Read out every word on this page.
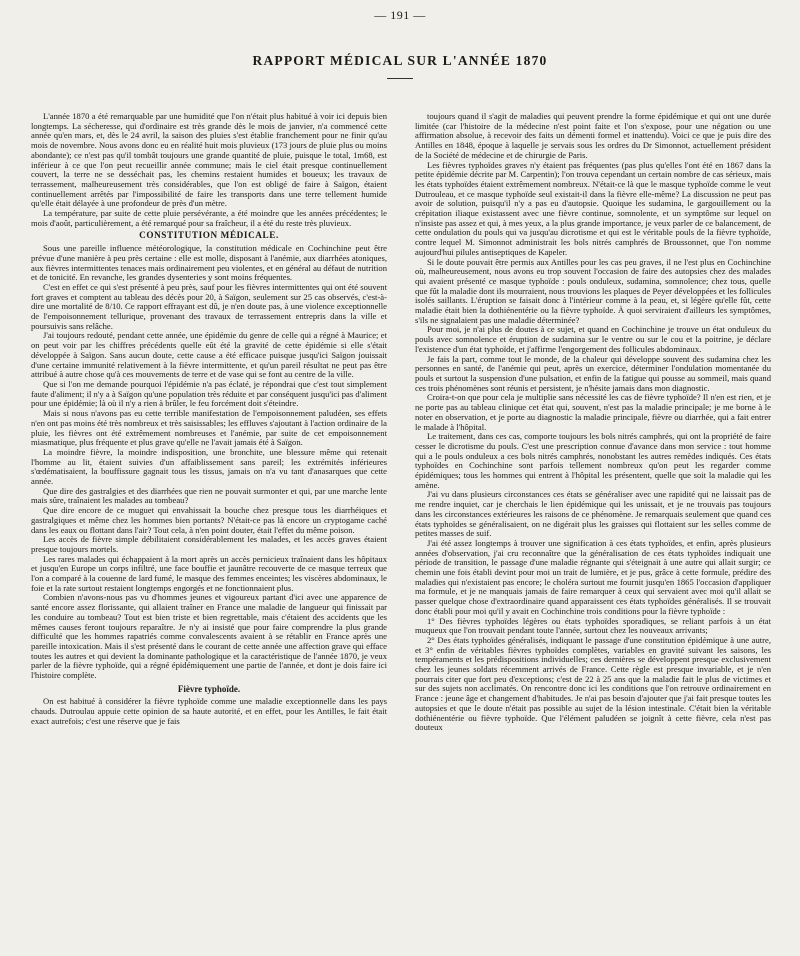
— 191 —
RAPPORT MÉDICAL SUR L'ANNÉE 1870

L'année 1870 a été remarquable par une humidité que l'on n'était plus habitué à voir ici depuis bien longtemps. La sécheresse, qui d'ordinaire est très grande dès le mois de janvier, n'a commencé cette année qu'en mars, et, dès le 24 avril, la saison des pluies s'est établie franchement pour ne finir qu'au mois de novembre. Nous avons donc eu en réalité huit mois pluvieux (173 jours de pluie plus ou moins abondante); ce n'est pas qu'il tombât toujours une grande quantité de pluie, puisque le total, 1m68, est inférieur à ce que l'on peut recueillir année commune; mais le ciel était presque continuellement couvert, la terre ne se desséchait pas, les chemins restaient humides et boueux; les travaux de terrassement, malheureusement très considérables, que l'on est obligé de faire à Saïgon, étaient continuellement arrêtés par l'impossibilité de faire les transports dans une terre tellement humide qu'elle était délayée à une profondeur de près d'un mètre.

La température, par suite de cette pluie persévérante, a été moindre que les années précédentes; le mois d'août, particulièrement, a été remarqué pour sa fraîcheur, il a été du reste très pluvieux.

CONSTITUTION MÉDICALE.

Sous une pareille influence météorologique, la constitution médicale en Cochinchine peut être prévue d'une manière à peu près certaine : elle est molle, disposant à l'anémie, aux diarrhées atoniques, aux fièvres intermittentes tenaces mais ordinairement peu violentes, et en général au défaut de nutrition et de tonicité. En revanche, les grandes dysenteries y sont moins fréquentes.

C'est en effet ce qui s'est présenté à peu près, sauf pour les fièvres intermittentes qui ont été souvent fort graves et comptent au tableau des décès pour 20, à Saïgon, seulement sur 25 cas observés, c'est-à-dire une mortalité de 8/10. Ce rapport effrayant est dû, je n'en doute pas, à une violence exceptionnelle de l'empoisonnement tellurique, provenant des travaux de terrassement entrepris dans la ville et poursuivis sans relâche.

J'ai toujours redouté, pendant cette année, une épidémie du genre de celle qui a régné à Maurice; et on peut voir par les chiffres précédents quelle eût été la gravité de cette épidémie si elle s'était développée à Saïgon. Sans aucun doute, cette cause a été efficace puisque jusqu'ici Saïgon jouissait d'une certaine immunité relativement à la fièvre intermittente, et qu'un pareil résultat ne peut pas être attribué à autre chose qu'à ces mouvements de terre et de vase qui se font au centre de la ville.

Que si l'on me demande pourquoi l'épidémie n'a pas éclaté, je répondrai que c'est tout simplement faute d'aliment; il n'y a à Saïgon qu'une population très réduite et par conséquent jusqu'ici pas d'aliment pour une épidémie; là où il n'y a rien à brûler, le feu forcément doit s'éteindre.

Mais si nous n'avons pas eu cette terrible manifestation de l'empoisonnement paludéen, ses effets n'en ont pas moins été très nombreux et très saisissables; les effluves s'ajoutant à l'action ordinaire de la pluie, les fièvres ont été extrêmement nombreuses et l'anémie, par suite de cet empoisonnement miasmatique, plus fréquente et plus grave qu'elle ne l'avait jamais été à Saïgon.

La moindre fièvre, la moindre indisposition, une bronchite, une blessure même qui retenait l'homme au lit, étaient suivies d'un affaiblissement sans pareil; les extrémités inférieures s'œdématisaient, la bouffissure gagnait tous les tissus, jamais on n'a vu tant d'anasarques que cette année.

Que dire des gastralgies et des diarrhées que rien ne pouvait surmonter et qui, par une marche lente mais sûre, traînaient les malades au tombeau?

Que dire encore de ce muguet qui envahissait la bouche chez presque tous les diarrhéiques et gastralgiques et même chez les hommes bien portants? N'était-ce pas là encore un cryptogame caché dans les eaux ou flottant dans l'air? Tout cela, à n'en point douter, était l'effet du même poison.

Les accès de fièvre simple débilitaient considérablement les malades, et les accès graves étaient presque toujours mortels.

Les rares malades qui échappaient à la mort après un accès pernicieux traînaient dans les hôpitaux et jusqu'en Europe un corps infiltré, une face bouffie et jaunâtre recouverte de ce masque terreux que l'on a comparé à la couenne de lard fumé, le masque des femmes enceintes; les viscères abdominaux, le foie et la rate surtout restaient longtemps engorgés et ne fonctionnaient plus.

Combien n'avons-nous pas vu d'hommes jeunes et vigoureux partant d'ici avec une apparence de santé encore assez florissante, qui allaient traîner en France une maladie de langueur qui finissait par les conduire au tombeau? Tout est bien triste et bien regrettable, mais c'étaient des accidents que les mêmes causes feront toujours reparaître. Je n'y ai insisté que pour faire comprendre la plus grande difficulté que les hommes rapatriés comme convalescents avaient à se rétablir en France après une pareille intoxication. Mais il s'est présenté dans le courant de cette année une affection grave qui efface toutes les autres et qui devient la dominante pathologique et la caractéristique de l'année 1870, je veux parler de la fièvre typhoïde, qui a régné épidémiquement une partie de l'année, et dont je dois faire ici l'histoire complète.

Fièvre typhoïde.

On est habitué à considérer la fièvre typhoïde comme une maladie exceptionnelle dans les pays chauds. Dutroulau appuie cette opinion de sa haute autorité, et en effet, pour les Antilles, le fait était exact autrefois; c'est une réserve que je fais

toujours quand il s'agit de maladies qui peuvent prendre la forme épidémique et qui ont une durée limitée (car l'histoire de la médecine n'est point faite et l'on s'expose, pour une négation ou une affirmation absolue, à recevoir des faits un démenti formel et inattendu). Voici ce que je puis dire des Antilles en 1848, époque à laquelle je servais sous les ordres du Dr Simonnot, actuellement président de la Société de médecine et de chirurgie de Paris.

Les fièvres typhoïdes graves n'y étaient pas fréquentes (pas plus qu'elles l'ont été en 1867 dans la petite épidémie décrite par M. Carpentin); l'on trouva cependant un certain nombre de cas sérieux, mais les états typhoïdes étaient extrêmement nombreux. N'était-ce là que le masque typhoïde comme le veut Dutrouleau, et ce masque typhoïde seul existait-il dans la fièvre elle-même? La discussion ne peut pas avoir de solution, puisqu'il n'y a pas eu d'autopsie. Quoique les sudamina, le gargouillement ou la crépitation iliaque existassent avec une fièvre continue, somnolente, et un symptôme sur lequel on n'insiste pas assez et qui, à mes yeux, a la plus grande importance, je veux parler de ce balancement, de cette ondulation du pouls qui va jusqu'au dicrotisme et qui est le véritable pouls de la fièvre typhoïde, contre lequel M. Simonnot administrait les bols nitrés camphrés de Broussonnet, que l'on nomme aujourd'hui pilules antiseptiques de Kapeler.

Si le doute pouvait être permis aux Antilles pour les cas peu graves, il ne l'est plus en Cochinchine où, malheureusement, nous avons eu trop souvent l'occasion de faire des autopsies chez des malades qui avaient présenté ce masque typhoïde : pouls onduleux, sudamina, somnolence; chez tous, quelle que fût la maladie dont ils mourraient, nous trouvions les plaques de Peyer développées et les follicules isolés saillants. L'éruption se faisait donc à l'intérieur comme à la peau, et, si légère qu'elle fût, cette maladie était bien la dothiénentérie ou la fièvre typhoïde. À quoi serviraient d'ailleurs les symptômes, s'ils ne signalaient pas une maladie déterminée?

Pour moi, je n'ai plus de doutes à ce sujet, et quand en Cochinchine je trouve un état onduleux du pouls avec somnolence et éruption de sudamina sur le ventre ou sur le cou et la poitrine, je déclare l'existence d'un état typhoïde, et j'affirme l'engorgement des follicules abdominaux.

Je fais la part, comme tout le monde, de la chaleur qui développe souvent des sudamina chez les personnes en santé, de l'anémie qui peut, après un exercice, déterminer l'ondulation momentanée du pouls et surtout la suspension d'une pulsation, et enfin de la fatigue qui pousse au sommeil, mais quand ces trois phénomènes sont réunis et persistent, je n'hésite jamais dans mon diagnostic.

Croira-t-on que pour cela je multiplie sans nécessité les cas de fièvre typhoïde? Il n'en est rien, et je ne porte pas au tableau clinique cet état qui, souvent, n'est pas la maladie principale; je me borne à le noter en observation, et je porte au diagnostic la maladie principale, fièvre ou diarrhée, qui a fait entrer le malade à l'hôpital.

Le traitement, dans ces cas, comporte toujours les bols nitrés camphrés, qui ont la propriété de faire cesser le dicrotisme du pouls. C'est une prescription connue d'avance dans mon service : tout homme qui a le pouls onduleux a ces bols nitrés camphrés, nonobstant les autres remèdes indiqués. Ces états typhoïdes en Cochinchine sont parfois tellement nombreux qu'on peut les regarder comme épidémiques; tous les hommes qui entrent à l'hôpital les présentent, quelle que soit la maladie qui les amène.

J'ai vu dans plusieurs circonstances ces états se généraliser avec une rapidité qui ne laissait pas de me rendre inquiet, car je cherchais le lien épidémique qui les unissait, et je ne trouvais pas toujours dans les circonstances extérieures les raisons de ce phénomène. Je remarquais seulement que quand ces états typhoïdes se généralisaient, on ne digérait plus les graisses qui flottaient sur les selles comme de petites masses de suif.

J'ai été assez longtemps à trouver une signification à ces états typhoïdes, et enfin, après plusieurs années d'observation, j'ai cru reconnaître que la généralisation de ces états typhoïdes indiquait une période de transition, le passage d'une maladie régnante qui s'éteignait à une autre qui allait surgir; ce chemin une fois établi devint pour moi un trait de lumière, et je pus, grâce à cette formule, prédire des maladies qui n'existaient pas encore; le choléra surtout me fournit jusqu'en 1865 l'occasion d'appliquer ma formule, et je ne manquais jamais de faire remarquer à ceux qui servaient avec moi qu'il allait se passer quelque chose d'extraordinaire quand apparaissent ces états typhoïdes généralisés. Il se trouvait donc établi pour moi qu'il y avait en Cochinchine trois conditions pour la fièvre typhoïde :

1° Des fièvres typhoïdes légères ou états typhoïdes sporadiques, se reliant parfois à un état muqueux que l'on trouvait pendant toute l'année, surtout chez les nouveaux arrivants;

2° Des états typhoïdes généralisés, indiquant le passage d'une constitution épidémique à une autre, et 3° enfin de véritables fièvres typhoïdes complètes, variables en gravité suivant les saisons, les tempéraments et les prédispositions individuelles; ces dernières se développent presque exclusivement chez les jeunes soldats récemment arrivés de France. Cette règle est presque invariable, et je n'en pourrais citer que fort peu d'exceptions; c'est de 22 à 25 ans que la maladie fait le plus de victimes et sur des sujets non acclimatés. On rencontre donc ici les conditions que l'on retrouve ordinairement en France : jeune âge et changement d'habitudes. Je n'ai pas besoin d'ajouter que j'ai fait presque toutes les autopsies et que le doute n'était pas possible au sujet de la lésion intestinale. C'était bien la véritable dothiénentérie ou fièvre typhoïde. Que l'élément paludéen se joignît à cette fièvre, cela n'est pas douteux
